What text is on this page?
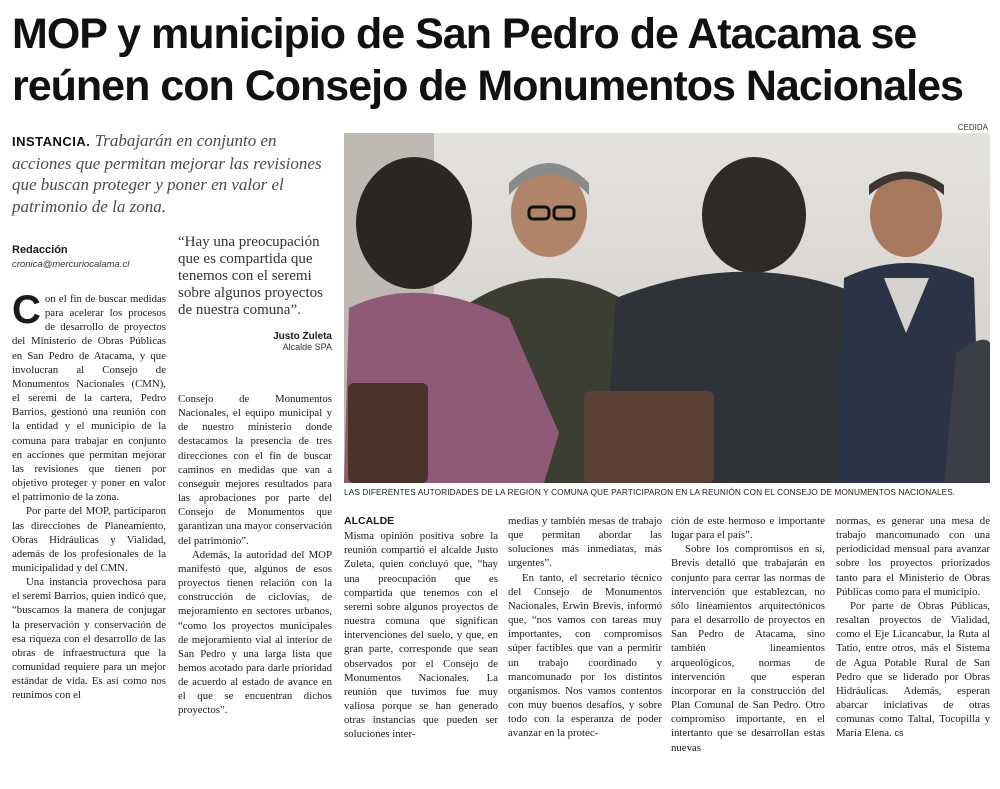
MOP y municipio de San Pedro de Atacama se reúnen con Consejo de Monumentos Nacionales

INSTANCIA. Trabajarán en conjunto en acciones que permitan mejorar las revisiones que buscan proteger y poner en valor el patrimonio de la zona.

Redacción
cronica@mercuriocalama.cl
“Hay una preocupación que es compartida que tenemos con el seremi sobre algunos proyectos de nuestra comuna”.
Justo Zuleta
Alcalde SPA
CEDIDA
LAS DIFERENTES AUTORIDADES DE LA REGIÓN Y COMUNA QUE PARTICIPARON EN LA REUNIÓN CON EL CONSEJO DE MONUMENTOS NACIONALES.

Con el fin de buscar medidas para acelerar los procesos de desarrollo de proyectos del Ministerio de Obras Públicas en San Pedro de Atacama, y que involucran al Consejo de Monumentos Nacionales (CMN), el seremi de la cartera, Pedro Barrios, gestionó una reunión con la entidad y el municipio de la comuna para trabajar en conjunto en acciones que permitan mejorar las revisiones que tienen por objetivo proteger y poner en valor el patrimonio de la zona.

Por parte del MOP, participaron las direcciones de Planeamiento, Obras Hidráulicas y Vialidad, además de los profesionales de la municipalidad y del CMN.

Una instancia provechosa para el seremi Barrios, quien indicó que, “buscamos la manera de conjugar la preservación y conservación de esa riqueza con el desarrollo de las obras de infraestructura que la comunidad requiere para un mejor estándar de vida. Es así como nos reunimos con el

Consejo de Monumentos Nacionales, el equipo municipal y de nuestro ministerio donde destacamos la presencia de tres direcciones con el fin de buscar caminos en medidas que van a conseguir mejores resultados para las aprobaciones por parte del Consejo de Monumentos que garantizan una mayor conservación del patrimonio”.

Además, la autoridad del MOP manifestó que, algunos de esos proyectos tienen relación con la construcción de ciclovías, de mejoramiento en sectores urbanos, “como los proyectos municipales de mejoramiento vial al interior de San Pedro y una larga lista que hemos acotado para darle prioridad de acuerdo al estado de avance en el que se encuentran dichos proyectos”.

ALCALDE

Misma opinión positiva sobre la reunión compartió el alcalde Justo Zuleta, quien concluyó que, “hay una preocupación que es compartida que tenemos con el seremi sobre algunos proyectos de nuestra comuna que significan intervenciones del suelo, y que, en gran parte, corresponde que sean observados por el Consejo de Monumentos Nacionales. La reunión que tuvimos fue muy valiosa porque se han generado otras instancias que pueden ser soluciones inter-

medias y también mesas de trabajo que permitan abordar las soluciones más inmediatas, más urgentes”.

En tanto, el secretario técnico del Consejo de Monumentos Nacionales, Erwin Brevis, informó que, “nos vamos con tareas muy importantes, con compromisos súper factibles que van a permitir un trabajo coordinado y mancomunado por los distintos organismos. Nos vamos contentos con muy buenos desafíos, y sobre todo con la esperanza de poder avanzar en la protec-

ción de este hermoso e importante lugar para el país”.

Sobre los compromisos en sí, Brevis detalló que trabajarán en conjunto para cerrar las normas de intervención que establezcan, no sólo lineamientos arquitectónicos para el desarrollo de proyectos en San Pedro de Atacama, sino también lineamientos arqueológicos, normas de intervención que esperan incorporar en la construcción del Plan Comunal de San Pedro. Otro compromiso importante, en el intertanto que se desarrollan estas nuevas

normas, es generar una mesa de trabajo mancomunado con una periodicidad mensual para avanzar sobre los proyectos priorizados tanto para el Ministerio de Obras Públicas como para el municipio.

Por parte de Obras Públicas, resaltan proyectos de Vialidad, como el Eje Licancabur, la Ruta al Tatio, entre otros, más el Sistema de Agua Potable Rural de San Pedro que se liderado por Obras Hidráulicas. Además, esperan abarcar iniciativas de otras comunas como Taltal, Tocopilla y María Elena. cs
